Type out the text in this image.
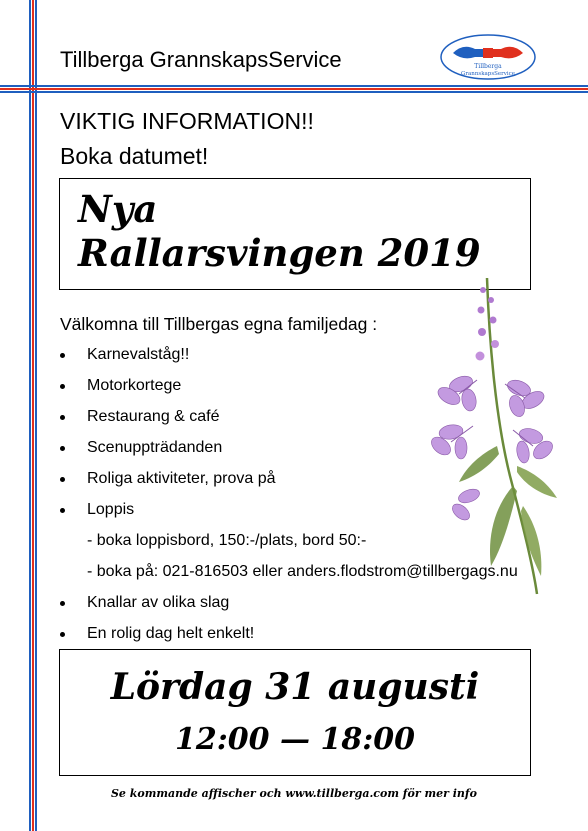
Tillberga GrannskapsService	Tillberga
GrannskapsService
VIKTIG INFORMATION!!
Boka datumet!
Nya
Rallarsvingen 2019
Välkomna till Tillbergas egna familjedag :
Karnevalståg!!
Motorkortege
Restaurang & café
Scenuppträdanden
Roliga aktiviteter, prova på
Loppis
- boka loppisbord, 150:-/plats, bord 50:-
- boka på: 021-816503 eller anders.flodstrom@tillbergags.nu
Knallar av olika slag
En rolig dag helt enkelt!
Lördag 31 augusti
12:00 — 18:00
Se kommande affischer och www.tillberga.com för mer info
